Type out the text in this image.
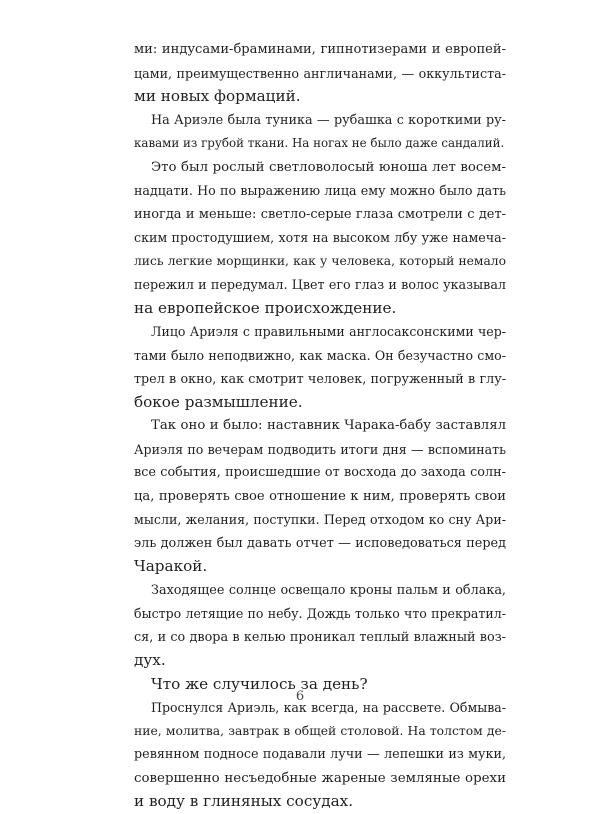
ми: индусами-браминами, гипнотизерами и европей-
цами, преимущественно англичанами, — оккультиста-
ми новых формаций.
На Ариэле была туника — рубашка с короткими ру-
кавами из грубой ткани. На ногах не было даже сандалий.
Это был рослый светловолосый юноша лет восем-
надцати. Но по выражению лица ему можно было дать
иногда и меньше: светло-серые глаза смотрели с дет-
ским простодушием, хотя на высоком лбу уже намеча-
лись легкие морщинки, как у человека, который немало
пережил и передумал. Цвет его глаз и волос указывал
на европейское происхождение.
Лицо Ариэля с правильными англосаксонскими чер-
тами было неподвижно, как маска. Он безучастно смо-
трел в окно, как смотрит человек, погруженный в глу-
бокое размышление.
Так оно и было: наставник Чарака-бабу заставлял
Ариэля по вечерам подводить итоги дня — вспоминать
все события, происшедшие от восхода до захода солн-
ца, проверять свое отношение к ним, проверять свои
мысли, желания, поступки. Перед отходом ко сну Ари-
эль должен был давать отчет — исповедоваться перед
Чаракой.
Заходящее солнце освещало кроны пальм и облака,
быстро летящие по небу. Дождь только что прекратил-
ся, и со двора в келью проникал теплый влажный воз-
дух.
Что же случилось за день?
Проснулся Ариэль, как всегда, на рассвете. Обмыва-
ние, молитва, завтрак в общей столовой. На толстом де-
ревянном подносе подавали лучи — лепешки из муки,
совершенно несъедобные жареные земляные орехи
и воду в глиняных сосудах.
6
